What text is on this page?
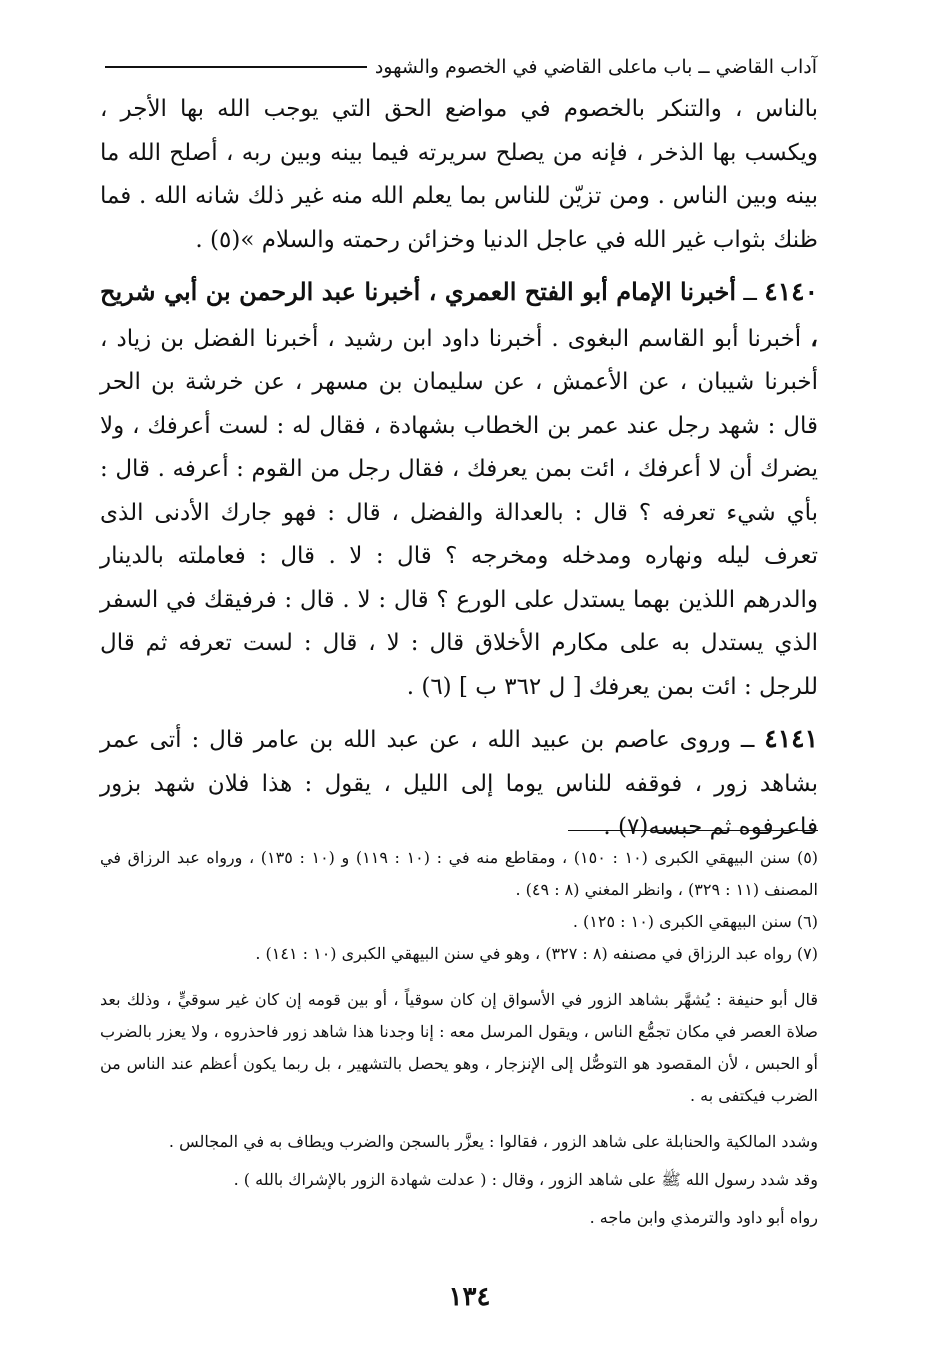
آداب القاضي ــ باب ماعلى القاضي في الخصوم والشهود

بالناس ، والتنكر بالخصوم في مواضع الحق التي يوجب الله بها الأجر ، ويكسب بها الذخر ، فإنه من يصلح سريرته فيما بينه وبين ربه ، أصلح الله ما بينه وبين الناس . ومن تزيّن للناس بما يعلم الله منه غير ذلك شانه الله . فما ظنك بثواب غير الله في عاجل الدنيا وخزائن رحمته والسلام »(٥) .

٤١٤٠ ــ أخبرنا الإمام أبو الفتح العمري ، أخبرنا عبد الرحمن بن أبي شريح ، أخبرنا أبو القاسم البغوى . أخبرنا داود ابن رشيد ، أخبرنا الفضل بن زياد ، أخبرنا شيبان ، عن الأعمش ، عن سليمان بن مسهر ، عن خرشة بن الحر قال : شهد رجل عند عمر بن الخطاب بشهادة ، فقال له : لست أعرفك ، ولا يضرك أن لا أعرفك ، ائت بمن يعرفك ، فقال رجل من القوم : أعرفه . قال : بأي شيء تعرفه ؟ قال : بالعدالة والفضل ، قال : فهو جارك الأدنى الذى تعرف ليله ونهاره ومدخله ومخرجه ؟ قال : لا . قال : فعاملته بالدينار والدرهم اللذين بهما يستدل على الورع ؟ قال : لا . قال : فرفيقك في السفر الذي يستدل به على مكارم الأخلاق قال : لا ، قال : لست تعرفه ثم قال للرجل : ائت بمن يعرفك [ ل ٣٦٢ ب ] (٦) .

٤١٤١ ــ وروى عاصم بن عبيد الله ، عن عبد الله بن عامر قال : أتى عمر بشاهد زور ، فوقفه للناس يوما إلى الليل ، يقول : هذا فلان شهد بزور فاعرفوه ثم حبسه(٧) .

(٥) سنن البيهقي الكبرى (١٠ : ١٥٠) ، ومقاطع منه في : (١٠ : ١١٩) و (١٠ : ١٣٥) ، ورواه عبد الرزاق في المصنف (١١ : ٣٢٩) ، وانظر المغني (٨ : ٤٩) .

(٦) سنن البيهقي الكبرى (١٠ : ١٢٥) .

(٧) رواه عبد الرزاق في مصنفه (٨ : ٣٢٧) ، وهو في سنن البيهقي الكبرى (١٠ : ١٤١) .

قال أبو حنيفة : يُشهَّر بشاهد الزور في الأسواق إن كان سوقياً ، أو بين قومه إن كان غير سوقيٍّ ، وذلك بعد صلاة العصر في مكان تجمُّع الناس ، ويقول المرسل معه : إنا وجدنا هذا شاهد زور فاحذروه ، ولا يعزر بالضرب أو الحبس ، لأن المقصود هو التوصُّل إلى الإنزجار ، وهو يحصل بالتشهير ، بل ربما يكون أعظم عند الناس من الضرب فيكتفى به .

وشدد المالكية والحنابلة على شاهد الزور ، فقالوا : يعزَّر بالسجن والضرب ويطاف به في المجالس .

وقد شدد رسول الله ﷺ على شاهد الزور ، وقال : ( عدلت شهادة الزور بالإشراك بالله ) .

رواه أبو داود والترمذي وابن ماجه .

١٣٤
